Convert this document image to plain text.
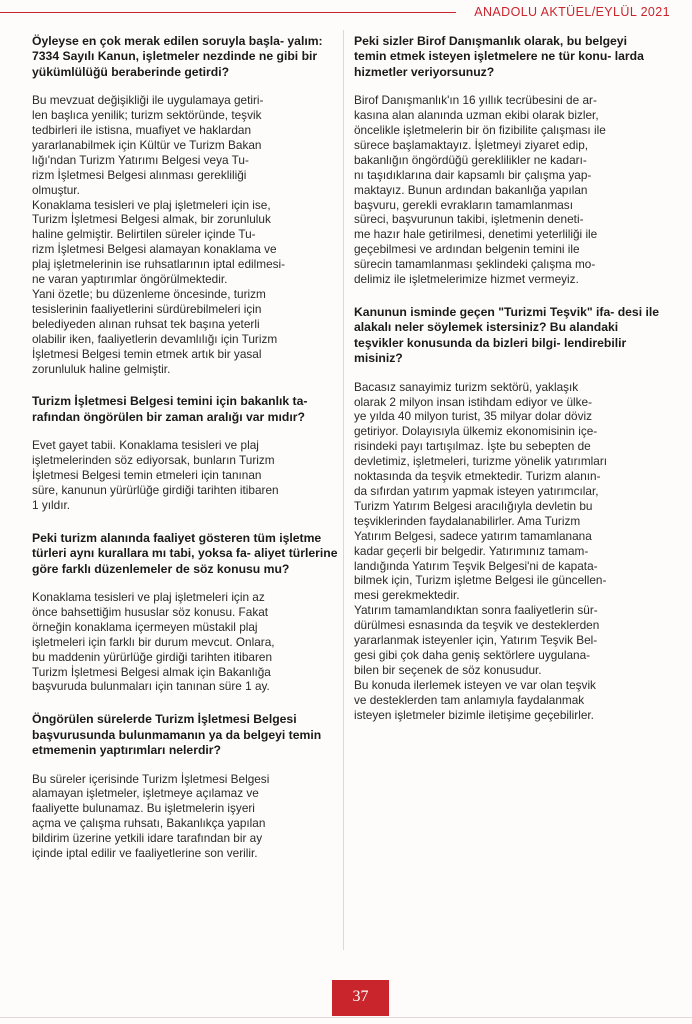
ANADOLU AKTÜEL/EYLÜL 2021

Öyleyse en çok merak edilen soruyla başla- yalım: 7334 Sayılı Kanun, işletmeler nezdinde ne gibi bir yükümlülüğü beraberinde getirdi?

Bu mevzuat değişikliği ile uygulamaya getiri-
len başlıca yenilik; turizm sektöründe, teşvik
tedbirleri ile istisna, muafiyet ve haklardan
yararlanabilmek için Kültür ve Turizm Bakan
lığı'ndan Turizm Yatırımı Belgesi veya Tu-
rizm İşletmesi Belgesi alınması gerekliliği
olmuştur.
Konaklama tesisleri ve plaj işletmeleri için ise,
Turizm İşletmesi Belgesi almak, bir zorunluluk
haline gelmiştir. Belirtilen süreler içinde Tu-
rizm İşletmesi Belgesi alamayan konaklama ve
plaj işletmelerinin ise ruhsatlarının iptal edilmesi-
ne varan yaptırımlar öngörülmektedir.
Yani özetle; bu düzenleme öncesinde, turizm
tesislerinin faaliyetlerini sürdürebilmeleri için
belediyeden alınan ruhsat tek başına yeterli
olabilir iken, faaliyetlerin devamlılığı için Turizm
İşletmesi Belgesi temin etmek artık bir yasal
zorunluluk haline gelmiştir.

Turizm İşletmesi Belgesi temini için bakanlık ta- rafından öngörülen bir zaman aralığı var mıdır?

Evet gayet tabii. Konaklama tesisleri ve plaj
işletmelerinden söz ediyorsak, bunların Turizm
İşletmesi Belgesi temin etmeleri için tanınan
süre, kanunun yürürlüğe girdiği tarihten itibaren
1 yıldır.

Peki turizm alanında faaliyet gösteren tüm işletme türleri aynı kurallara mı tabi, yoksa fa- aliyet türlerine göre farklı düzenlemeler de söz konusu mu?

Konaklama tesisleri ve plaj işletmeleri için az
önce bahsettiğim hususlar söz konusu. Fakat
örneğin konaklama içermeyen müstakil plaj
işletmeleri için farklı bir durum mevcut. Onlara,
bu maddenin yürürlüğe girdiği tarihten itibaren
Turizm İşletmesi Belgesi almak için Bakanlığa
başvuruda bulunmaları için tanınan süre 1 ay.

Öngörülen sürelerde Turizm İşletmesi Belgesi başvurusunda bulunmamanın ya da belgeyi temin etmemenin yaptırımları nelerdir?

Bu süreler içerisinde Turizm İşletmesi Belgesi
alamayan işletmeler, işletmeye açılamaz ve
faaliyette bulunamaz. Bu işletmelerin işyeri
açma ve çalışma ruhsatı, Bakanlıkça yapılan
bildirim üzerine yetkili idare tarafından bir ay
içinde iptal edilir ve faaliyetlerine son verilir.

Peki sizler Birof Danışmanlık olarak, bu belgeyi temin etmek isteyen işletmelere ne tür konu- larda hizmetler veriyorsunuz?

Birof Danışmanlık'ın 16 yıllık tecrübesini de ar-
kasına alan alanında uzman ekibi olarak bizler,
öncelikle işletmelerin bir ön fizibilite çalışması ile
sürece başlamaktayız. İşletmeyi ziyaret edip,
bakanlığın öngördüğü gereklilikler ne kadarı-
nı taşıdıklarına dair kapsamlı bir çalışma yap-
maktayız. Bunun ardından bakanlığa yapılan
başvuru, gerekli evrakların tamamlanması
süreci, başvurunun takibi, işletmenin deneti-
me hazır hale getirilmesi, denetimi yeterliliği ile
geçebilmesi ve ardından belgenin temini ile
sürecin tamamlanması şeklindeki çalışma mo-
delimiz ile işletmelerimize hizmet vermeyiz.

Kanunun isminde geçen "Turizmi Teşvik" ifa- desi ile alakalı neler söylemek istersiniz? Bu alandaki teşvikler konusunda da bizleri bilgi- lendirebilir misiniz?

Bacasız sanayimiz turizm sektörü, yaklaşık
olarak 2 milyon insan istihdam ediyor ve ülke-
ye yılda 40 milyon turist, 35 milyar dolar döviz
getiriyor. Dolayısıyla ülkemiz ekonomisinin içe-
risindeki payı tartışılmaz. İşte bu sebepten de
devletimiz, işletmeleri, turizme yönelik yatırımları
noktasında da teşvik etmektedir. Turizm alanın-
da sıfırdan yatırım yapmak isteyen yatırımcılar,
Turizm Yatırım Belgesi aracılığıyla devletin bu
teşviklerinden faydalanabilirler. Ama Turizm
Yatırım Belgesi, sadece yatırım tamamlanana
kadar geçerli bir belgedir. Yatırımınız tamam-
landığında Yatırım Teşvik Belgesi'ni de kapata-
bilmek için, Turizm işletme Belgesi ile güncellen-
mesi gerekmektedir.
Yatırım tamamlandıktan sonra faaliyetlerin sür-
dürülmesi esnasında da teşvik ve desteklerden
yararlanmak isteyenler için, Yatırım Teşvik Bel-
gesi gibi çok daha geniş sektörlere uygulana-
bilen bir seçenek de söz konusudur.
Bu konuda ilerlemek isteyen ve var olan teşvik
ve desteklerden tam anlamıyla faydalanmak
isteyen işletmeler bizimle iletişime geçebilirler.

37
